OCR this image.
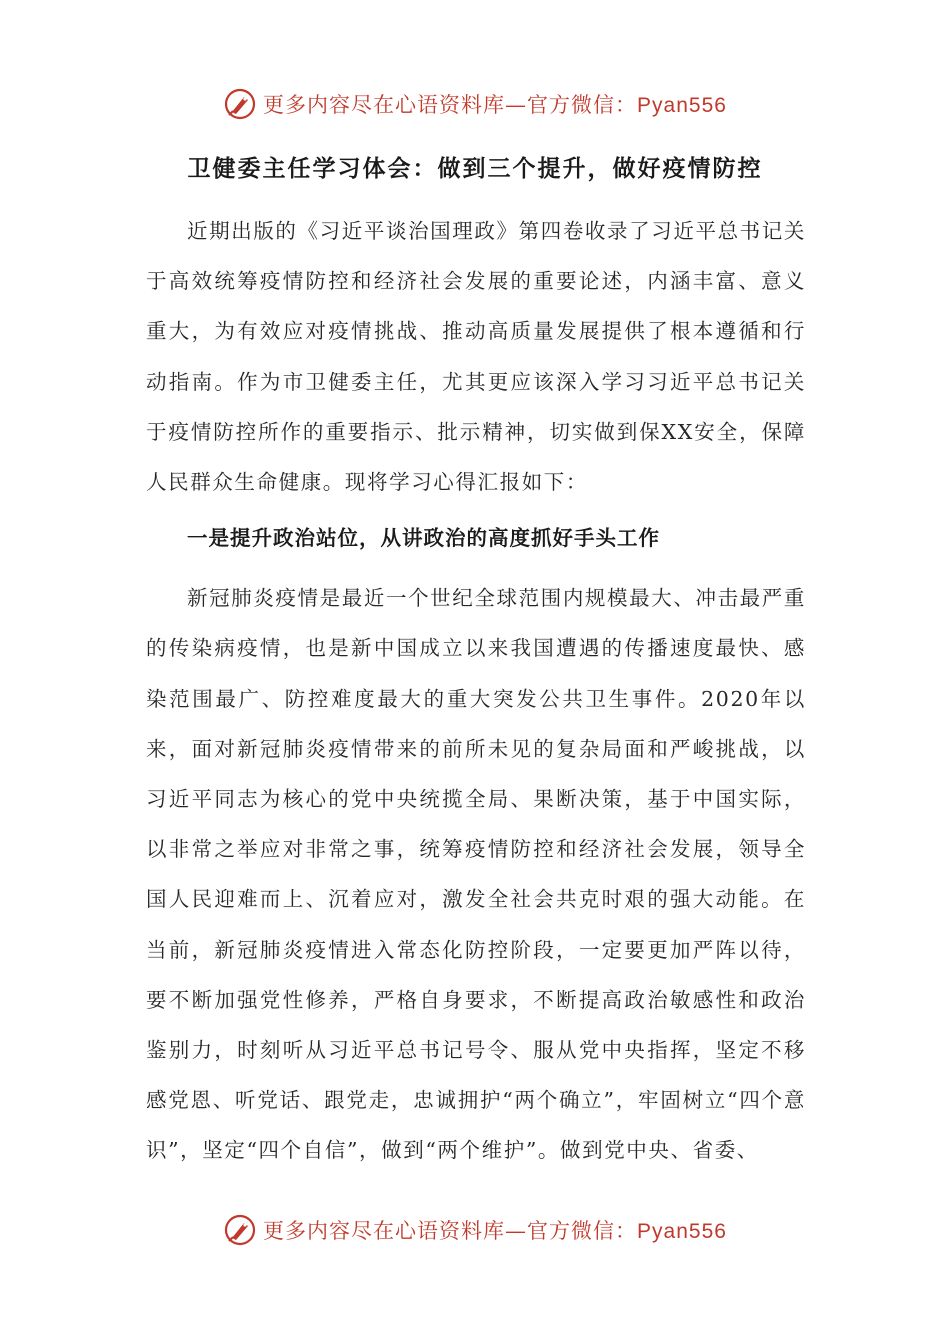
更多内容尽在心语资料库—官方微信：Pyan556
卫健委主任学习体会：做到三个提升，做好疫情防控

近期出版的《习近平谈治国理政》第四卷收录了习近平总书记关于高效统筹疫情防控和经济社会发展的重要论述，内涵丰富、意义重大，为有效应对疫情挑战、推动高质量发展提供了根本遵循和行动指南。作为市卫健委主任，尤其更应该深入学习习近平总书记关于疫情防控所作的重要指示、批示精神，切实做到保XX安全，保障人民群众生命健康。现将学习心得汇报如下：

一是提升政治站位，从讲政治的高度抓好手头工作

新冠肺炎疫情是最近一个世纪全球范围内规模最大、冲击最严重的传染病疫情，也是新中国成立以来我国遭遇的传播速度最快、感染范围最广、防控难度最大的重大突发公共卫生事件。2020年以来，面对新冠肺炎疫情带来的前所未见的复杂局面和严峻挑战，以习近平同志为核心的党中央统揽全局、果断决策，基于中国实际，以非常之举应对非常之事，统筹疫情防控和经济社会发展，领导全国人民迎难而上、沉着应对，激发全社会共克时艰的强大动能。在当前，新冠肺炎疫情进入常态化防控阶段，一定要更加严阵以待，要不断加强党性修养，严格自身要求，不断提高政治敏感性和政治鉴别力，时刻听从习近平总书记号令、服从党中央指挥，坚定不移感党恩、听党话、跟党走，忠诚拥护“两个确立”，牢固树立“四个意识”，坚定“四个自信”，做到“两个维护”。做到党中央、省委、

更多内容尽在心语资料库—官方微信：Pyan556
